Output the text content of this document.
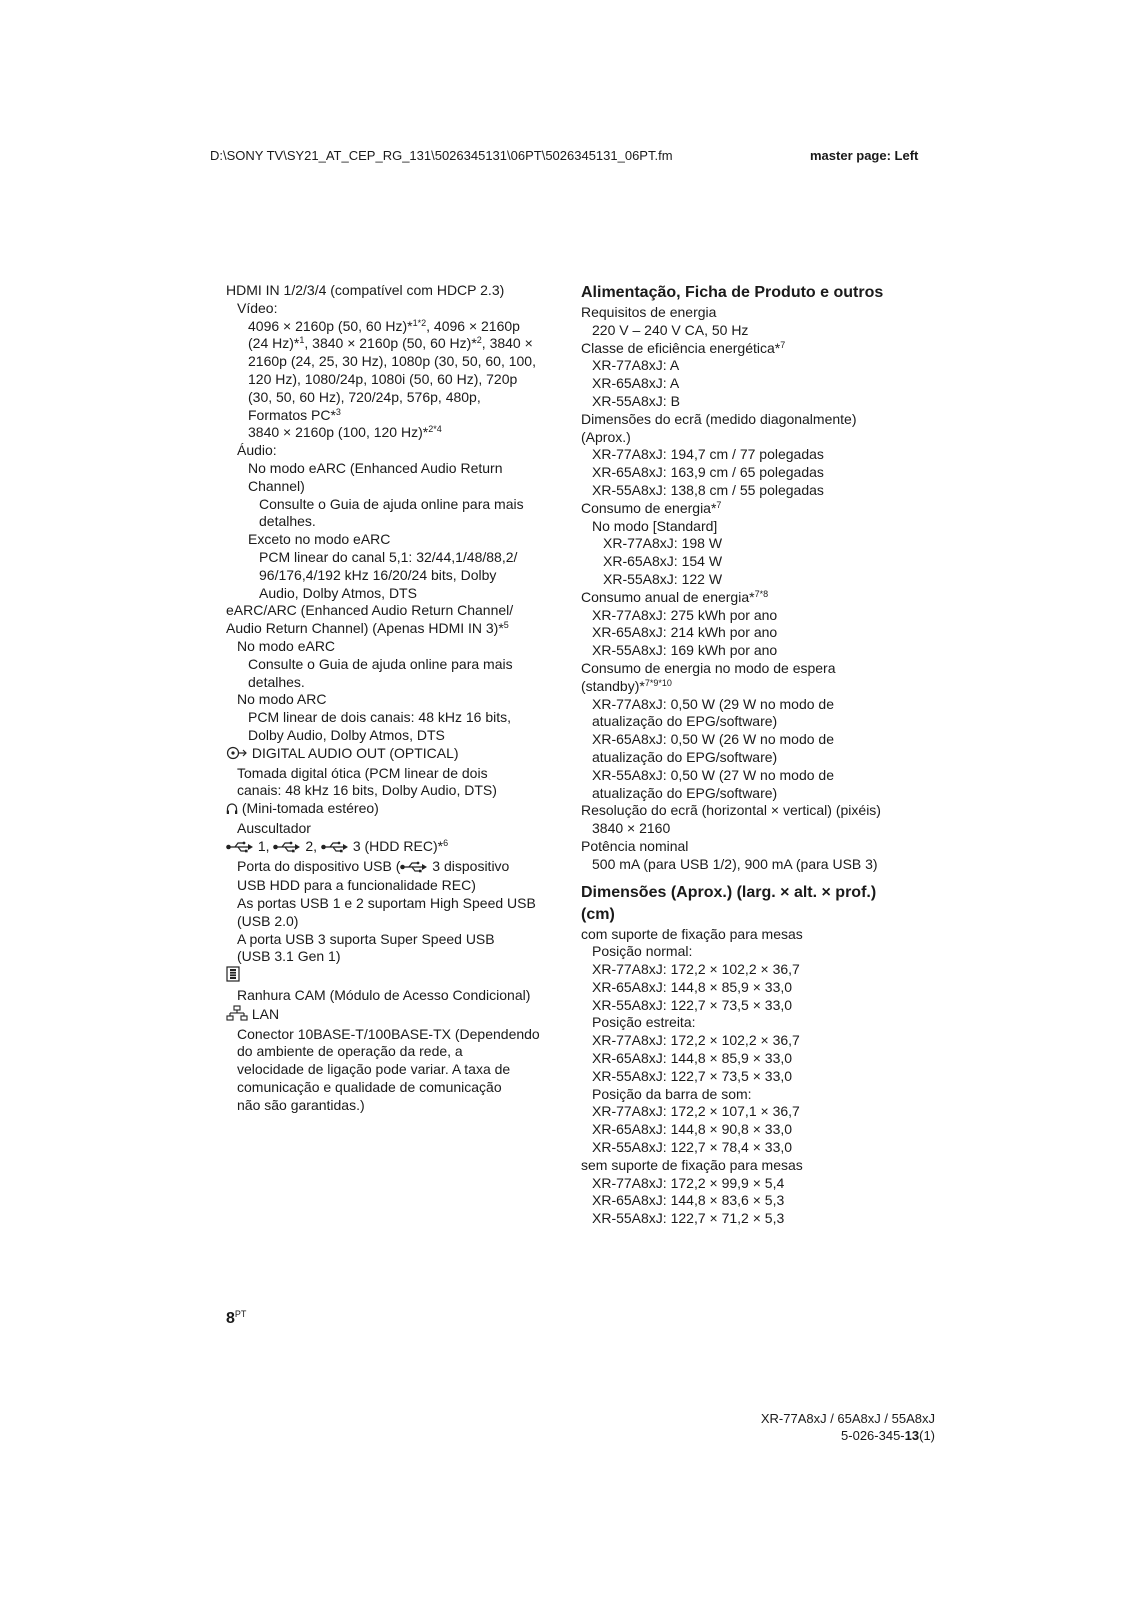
D:\SONY TV\SY21_AT_CEP_RG_131\5026345131\06PT\5026345131_06PT.fm	master page: Left
HDMI IN 1/2/3/4 (compatível com HDCP 2.3)
Vídeo:
4096 × 2160p (50, 60 Hz)*$^{1*2}$, 4096 × 2160p
(24 Hz)*$^1$, 3840 × 2160p (50, 60 Hz)*$^2$, 3840 ×
2160p (24, 25, 30 Hz), 1080p (30, 50, 60, 100,
120 Hz), 1080/24p, 1080i (50, 60 Hz), 720p
(30, 50, 60 Hz), 720/24p, 576p, 480p,
Formatos PC*$^3$
3840 × 2160p (100, 120 Hz)*$^{2*4}$
Áudio:
No modo eARC (Enhanced Audio Return
Channel)
Consulte o Guia de ajuda online para mais
detalhes.
Exceto no modo eARC
PCM linear do canal 5,1: 32/44,1/48/88,2/
96/176,4/192 kHz 16/20/24 bits, Dolby
Audio, Dolby Atmos, DTS
eARC/ARC (Enhanced Audio Return Channel/
Audio Return Channel) (Apenas HDMI IN 3)*$^5$
No modo eARC
Consulte o Guia de ajuda online para mais
detalhes.
No modo ARC
PCM linear de dois canais: 48 kHz 16 bits,
Dolby Audio, Dolby Atmos, DTS
DIGITAL AUDIO OUT (OPTICAL)
Tomada digital ótica (PCM linear de dois
canais: 48 kHz 16 bits, Dolby Audio, DTS)
(Mini-tomada estéreo)
Auscultador
1,	2,	3 (HDD REC)*$^6$
Porta do dispositivo USB ( 3 dispositivo
USB HDD para a funcionalidade REC)
As portas USB 1 e 2 suportam High Speed USB
(USB 2.0)
A porta USB 3 suporta Super Speed USB
(USB 3.1 Gen 1)
Ranhura CAM (Módulo de Acesso Condicional)
LAN
Conector 10BASE-T/100BASE-TX (Dependendo
do ambiente de operação da rede, a
velocidade de ligação pode variar. A taxa de
comunicação e qualidade de comunicação
não são garantidas.)
Alimentação, Ficha de Produto e outros
Requisitos de energia
220 V – 240 V CA, 50 Hz
Classe de eficiência energética*$^7$
XR-77A8xJ: A
XR-65A8xJ: A
XR-55A8xJ: B
Dimensões do ecrã (medido diagonalmente)
(Aprox.)
XR-77A8xJ: 194,7 cm / 77 polegadas
XR-65A8xJ: 163,9 cm / 65 polegadas
XR-55A8xJ: 138,8 cm / 55 polegadas
Consumo de energia*$^7$
No modo [Standard]
XR-77A8xJ: 198 W
XR-65A8xJ: 154 W
XR-55A8xJ: 122 W
Consumo anual de energia*$^{7*8}$
XR-77A8xJ: 275 kWh por ano
XR-65A8xJ: 214 kWh por ano
XR-55A8xJ: 169 kWh por ano
Consumo de energia no modo de espera
(standby)*$^{7*9*10}$
XR-77A8xJ: 0,50 W (29 W no modo de
atualização do EPG/software)
XR-65A8xJ: 0,50 W (26 W no modo de
atualização do EPG/software)
XR-55A8xJ: 0,50 W (27 W no modo de
atualização do EPG/software)
Resolução do ecrã (horizontal × vertical) (pixéis)
3840 × 2160
Potência nominal
500 mA (para USB 1/2), 900 mA (para USB 3)
Dimensões (Aprox.) (larg. × alt. × prof.) (cm)
com suporte de fixação para mesas
Posição normal:
XR-77A8xJ: 172,2 × 102,2 × 36,7
XR-65A8xJ: 144,8 × 85,9 × 33,0
XR-55A8xJ: 122,7 × 73,5 × 33,0
Posição estreita:
XR-77A8xJ: 172,2 × 102,2 × 36,7
XR-65A8xJ: 144,8 × 85,9 × 33,0
XR-55A8xJ: 122,7 × 73,5 × 33,0
Posição da barra de som:
XR-77A8xJ: 172,2 × 107,1 × 36,7
XR-65A8xJ: 144,8 × 90,8 × 33,0
XR-55A8xJ: 122,7 × 78,4 × 33,0
sem suporte de fixação para mesas
XR-77A8xJ: 172,2 × 99,9 × 5,4
XR-65A8xJ: 144,8 × 83,6 × 5,3
XR-55A8xJ: 122,7 × 71,2 × 5,3
$8^{PT}$
XR-77A8xJ / 65A8xJ / 55A8xJ
5-026-345-13(1)
